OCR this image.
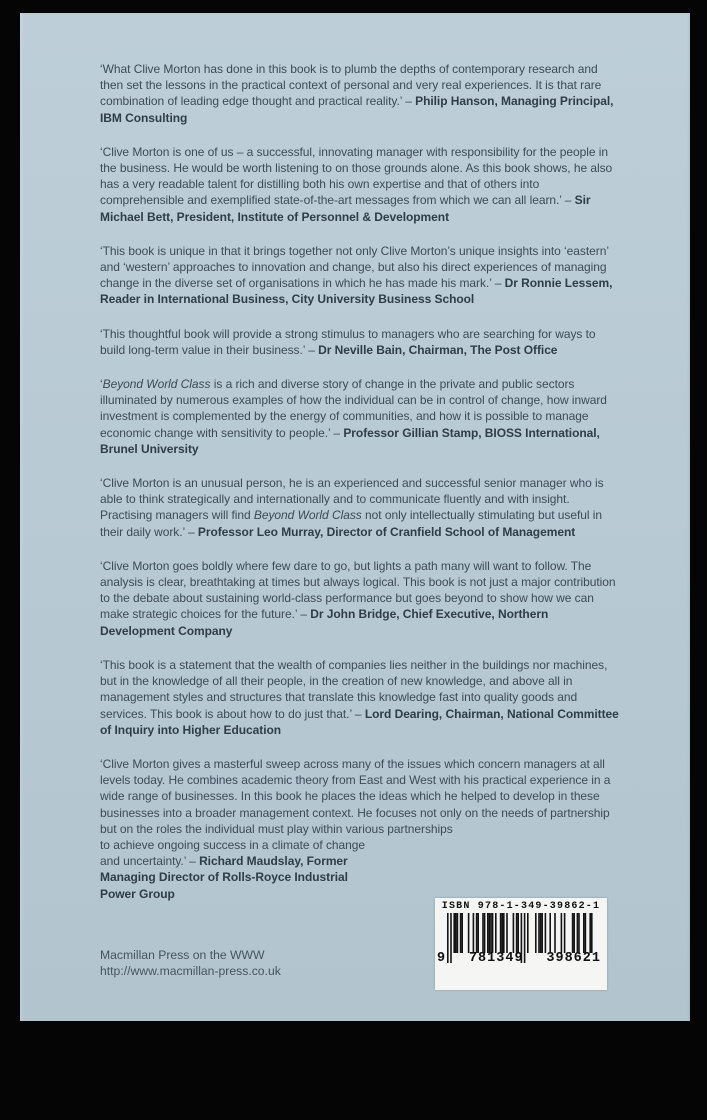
‘What Clive Morton has done in this book is to plumb the depths of contemporary research and then set the lessons in the practical context of personal and very real experiences. It is that rare combination of leading edge thought and practical reality.’ – Philip Hanson, Managing Principal, IBM Consulting

‘Clive Morton is one of us – a successful, innovating manager with responsibility for the people in the business. He would be worth listening to on those grounds alone. As this book shows, he also has a very readable talent for distilling both his own expertise and that of others into comprehensible and exemplified state-of-the-art messages from which we can all learn.’ – Sir Michael Bett, President, Institute of Personnel & Development

‘This book is unique in that it brings together not only Clive Morton’s unique insights into ‘eastern’ and ‘western’ approaches to innovation and change, but also his direct experiences of managing change in the diverse set of organisations in which he has made his mark.’ – Dr Ronnie Lessem, Reader in International Business, City University Business School

‘This thoughtful book will provide a strong stimulus to managers who are searching for ways to build long-term value in their business.’ – Dr Neville Bain, Chairman, The Post Office

‘Beyond World Class is a rich and diverse story of change in the private and public sectors illuminated by numerous examples of how the individual can be in control of change, how inward investment is complemented by the energy of communities, and how it is possible to manage economic change with sensitivity to people.’ – Professor Gillian Stamp, BIOSS International, Brunel University

‘Clive Morton is an unusual person, he is an experienced and successful senior manager who is able to think strategically and internationally and to communicate fluently and with insight. Practising managers will find Beyond World Class not only intellectually stimulating but useful in their daily work.’ – Professor Leo Murray, Director of Cranfield School of Management

‘Clive Morton goes boldly where few dare to go, but lights a path many will want to follow. The analysis is clear, breathtaking at times but always logical. This book is not just a major contribution to the debate about sustaining world-class performance but goes beyond to show how we can make strategic choices for the future.’ – Dr John Bridge, Chief Executive, Northern Development Company

‘This book is a statement that the wealth of companies lies neither in the buildings nor machines, but in the knowledge of all their people, in the creation of new knowledge, and above all in management styles and structures that translate this knowledge fast into quality goods and services. This book is about how to do just that.’ – Lord Dearing, Chairman, National Committee of Inquiry into Higher Education

‘Clive Morton gives a masterful sweep across many of the issues which concern managers at all levels today. He combines academic theory from East and West with his practical experience in a wide range of businesses. In this book he places the ideas which he helped to develop in these businesses into a broader management context. He focuses not only on the needs of partnership but on the roles the individual must play within various partnerships
to achieve ongoing success in a climate of change and uncertainty.’ – Richard Maudslay, Former Managing Director of Rolls-Royce Industrial Power Group

Macmillan Press on the WWW
http://www.macmillan-press.co.uk
ISBN 978-1-349-39862-1
9 781349 398621
